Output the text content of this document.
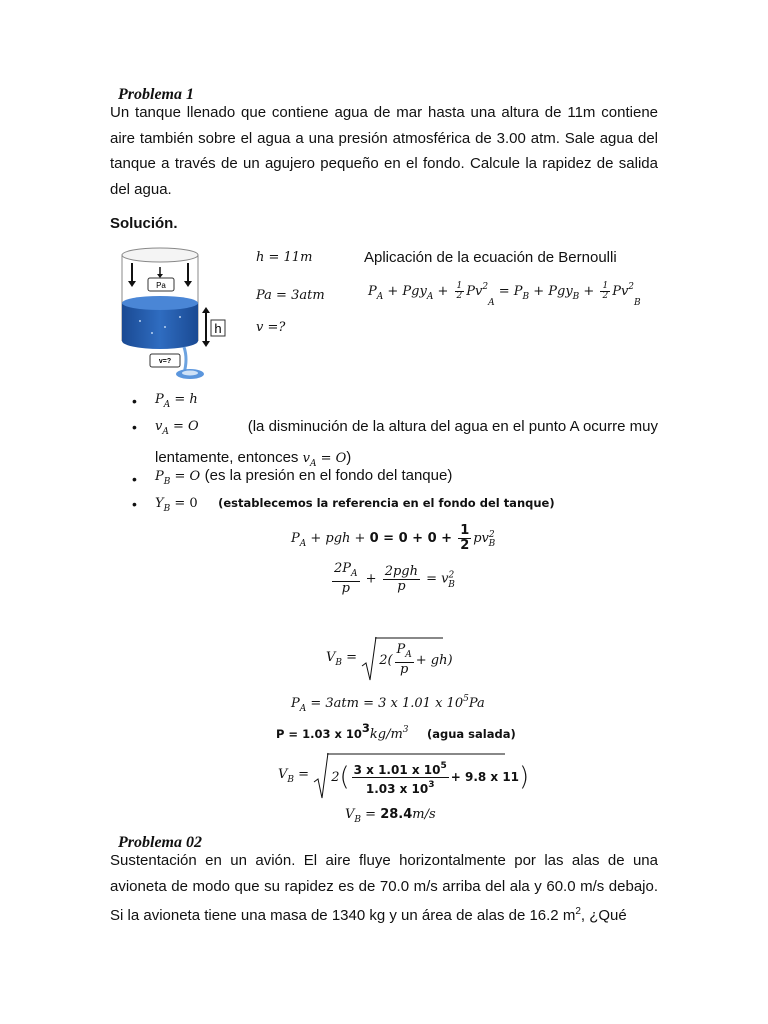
Problema 1
Un tanque llenado que contiene agua de mar hasta una altura de 11m contiene aire también sobre el agua a una presión atmosférica de 3.00 atm. Sale agua del tanque a través de un agujero pequeño en el fondo. Calcule la rapidez de salida del agua.
Solución.
Pa
h
v=?
h = 11m
Pa = 3atm
v =?
Aplicación de la ecuación de Bernoulli
$P_A + Pgy_A + \frac{1}{2} Pv^2_A = P_B + Pgy_B + \frac{1}{2} Pv^2_B$
• $P_A = h$
• $v_A = O$	(la disminución de la altura del agua en el punto A ocurre muy
lentamente, entonces $v_A = O$)
• $P_B = O$ (es la presión en el fondo del tanque)
• $Y_B = 0$ (establecemos la referencia en el fondo del tanque)
$P_A$ + pgh + $0 = 0 + 0 + \frac{1}{2} pv^2_B$
$\frac{2P_A}{p} + \frac{\text{2pgh}}{p} = v^2_B$
$V_B = 2( \frac{P_A}{p} + gh)$
$P_A = 3atm = 3$ x 1.01 x $10^5Pa$
P = 1.03 x $10^3kg/m^3$ (agua salada)
$V_B = 2$ ( $\frac{3 x 1.01 x 10^5}{1.03 x 10^3} + 9.8$ x 11 )
$V_B = 28.4m/s$
Problema 02
Sustentación en un avión. El aire fluye horizontalmente por las alas de una
avioneta de modo que su rapidez es de 70.0 m/s arriba del ala y 60.0 m/s debajo.
Si la avioneta tiene una masa de 1340 kg y un área de alas de 16.2 $m^2$, ¿Qué
